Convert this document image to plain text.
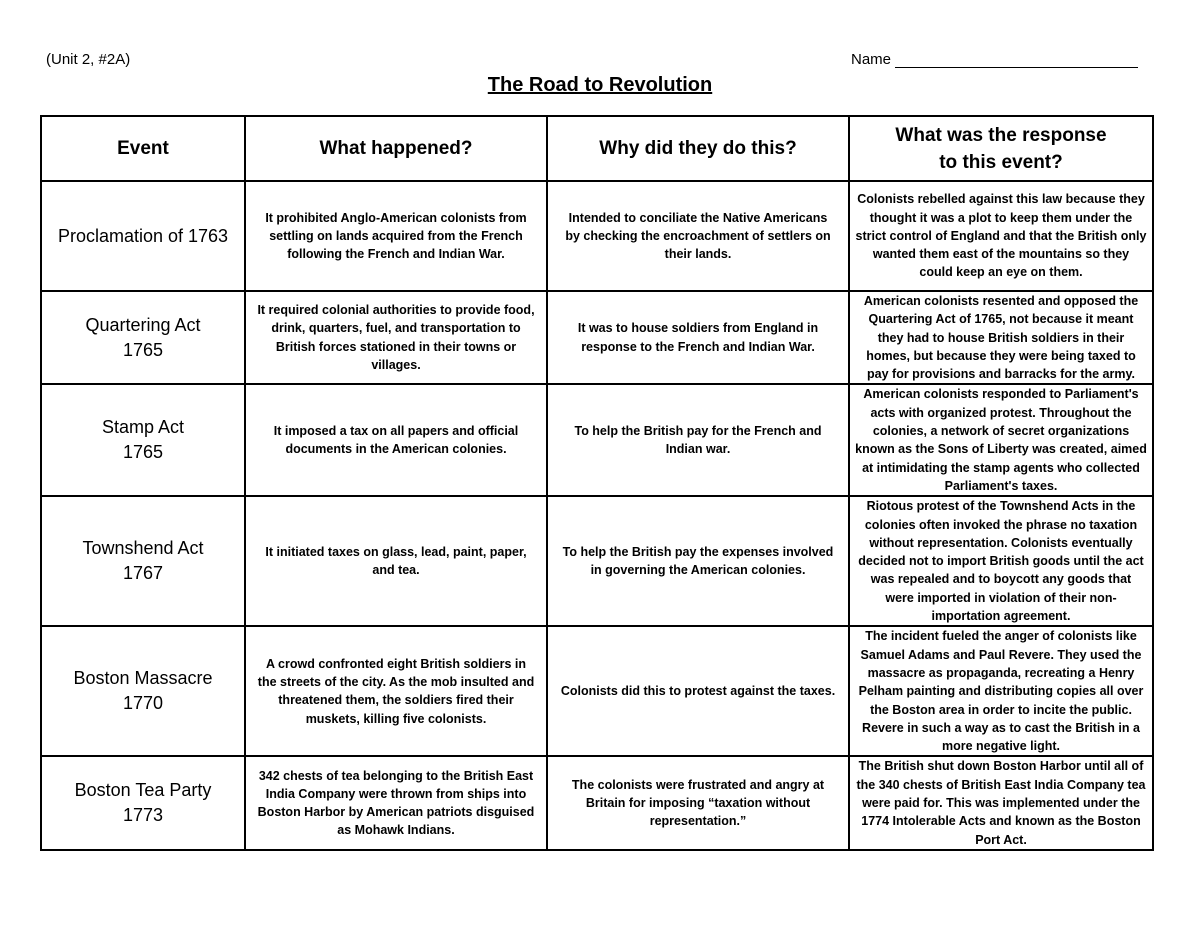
(Unit 2, #2A)	Name
The Road to Revolution
Event	What happened?	Why did they do this?	What was the response to this event?

Proclamation of 1763	It prohibited Anglo-American colonists from settling on lands acquired from the French following the French and Indian War.	Intended to conciliate the Native Americans by checking the encroachment of settlers on their lands.	Colonists rebelled against this law because they thought it was a plot to keep them under the strict control of England and that the British only wanted them east of the mountains so they could keep an eye on them.

Quartering Act
1765	It required colonial authorities to provide food, drink, quarters, fuel, and transportation to British forces stationed in their towns or villages.	It was to house soldiers from England in response to the French and Indian War.	American colonists resented and opposed the Quartering Act of 1765, not because it meant they had to house British soldiers in their homes, but because they were being taxed to pay for provisions and barracks for the army.

Stamp Act
1765	It imposed a tax on all papers and official documents in the American colonies.	To help the British pay for the French and Indian war.	American colonists responded to Parliament's acts with organized protest. Throughout the colonies, a network of secret organizations known as the Sons of Liberty was created, aimed at intimidating the stamp agents who collected Parliament's taxes.

Townshend Act
1767	It initiated taxes on glass, lead, paint, paper, and tea.	To help the British pay the expenses involved in governing the American colonies.	Riotous protest of the Townshend Acts in the colonies often invoked the phrase no taxation without representation. Colonists eventually decided not to import British goods until the act was repealed and to boycott any goods that were imported in violation of their non-importation agreement.

Boston Massacre
1770	A crowd confronted eight British soldiers in the streets of the city. As the mob insulted and threatened them, the soldiers fired their muskets, killing five colonists.	Colonists did this to protest against the taxes.	The incident fueled the anger of colonists like Samuel Adams and Paul Revere. They used the massacre as propaganda, recreating a Henry Pelham painting and distributing copies all over the Boston area in order to incite the public. Revere in such a way as to cast the British in a more negative light.

Boston Tea Party
1773	342 chests of tea belonging to the British East India Company were thrown from ships into Boston Harbor by American patriots disguised as Mohawk Indians.	The colonists were frustrated and angry at Britain for imposing “taxation without representation.”	The British shut down Boston Harbor until all of the 340 chests of British East India Company tea were paid for. This was implemented under the 1774 Intolerable Acts and known as the Boston Port Act.
